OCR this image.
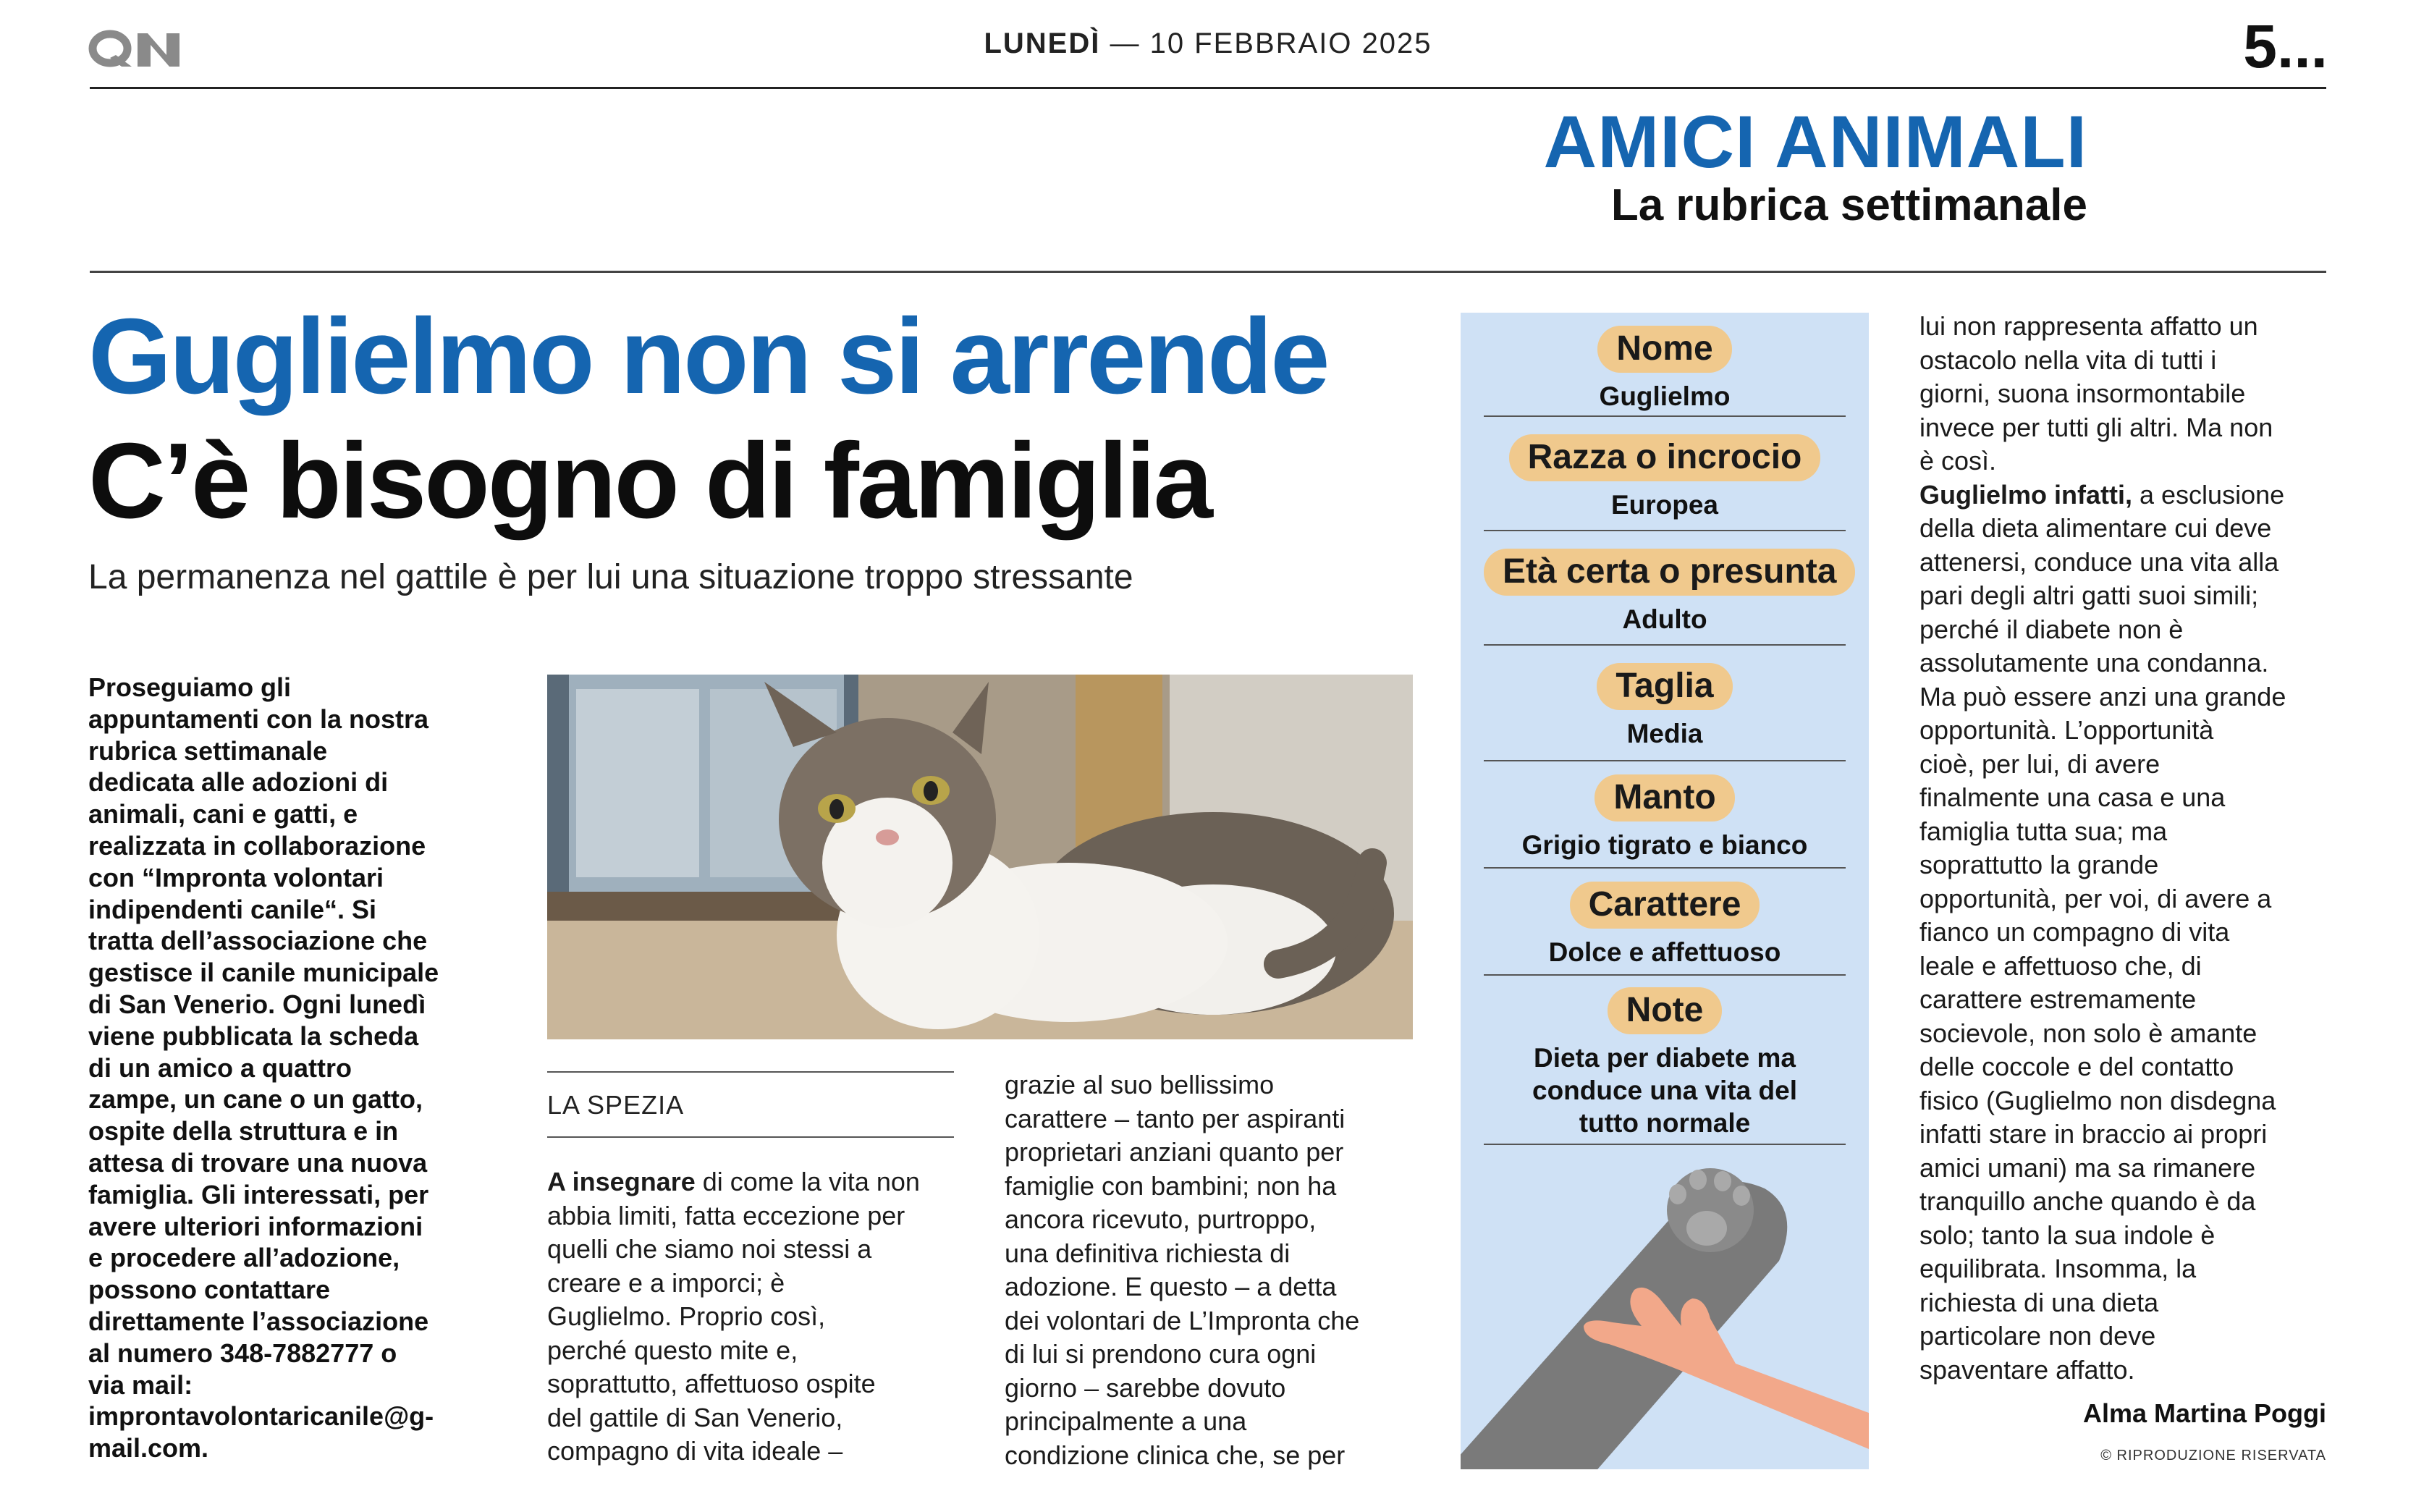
LUNEDÌ — 10 FEBBRAIO 2025	5...
AMICI ANIMALI
La rubrica settimanale
Guglielmo non si arrende
C’è bisogno di famiglia

La permanenza nel gattile è per lui una situazione troppo stressante

Proseguiamo gli
appuntamenti con la nostra
rubrica settimanale
dedicata alle adozioni di
animali, cani e gatti, e
realizzata in collaborazione
con “Impronta volontari
indipendenti canile“. Si
tratta dell’associazione che
gestisce il canile municipale
di San Venerio. Ogni lunedì
viene pubblicata la scheda
di un amico a quattro
zampe, un cane o un gatto,
ospite della struttura e in
attesa di trovare una nuova
famiglia. Gli interessati, per
avere ulteriori informazioni
e procedere all’adozione,
possono contattare
direttamente l’associazione
al numero 348-7882777 o
via mail:
improntavolontaricanile@g-
mail.com.
LA SPEZIA
A insegnare di come la vita non
abbia limiti, fatta eccezione per
quelli che siamo noi stessi a
creare e a imporci; è
Guglielmo. Proprio così,
perché questo mite e,
soprattutto, affettuoso ospite
del gattile di San Venerio,
compagno di vita ideale –
grazie al suo bellissimo
carattere – tanto per aspiranti
proprietari anziani quanto per
famiglie con bambini; non ha
ancora ricevuto, purtroppo,
una definitiva richiesta di
adozione. E questo – a detta
dei volontari de L’Impronta che
di lui si prendono cura ogni
giorno – sarebbe dovuto
principalmente a una
condizione clinica che, se per
lui non rappresenta affatto un
ostacolo nella vita di tutti i
giorni, suona insormontabile
invece per tutti gli altri. Ma non
è così.
Guglielmo infatti, a esclusione
della dieta alimentare cui deve
attenersi, conduce una vita alla
pari degli altri gatti suoi simili;
perché il diabete non è
assolutamente una condanna.
Ma può essere anzi una grande
opportunità. L’opportunità
cioè, per lui, di avere
finalmente una casa e una
famiglia tutta sua; ma
soprattutto la grande
opportunità, per voi, di avere a
fianco un compagno di vita
leale e affettuoso che, di
carattere estremamente
socievole, non solo è amante
delle coccole e del contatto
fisico (Guglielmo non disdegna
infatti stare in braccio ai propri
amici umani) ma sa rimanere
tranquillo anche quando è da
solo; tanto la sua indole è
equilibrata. Insomma, la
richiesta di una dieta
particolare non deve
spaventare affatto.
Alma Martina Poggi
© RIPRODUZIONE RISERVATA
Nome
Guglielmo
Razza o incrocio
Europea
Età certa o presunta
Adulto
Taglia
Media
Manto
Grigio tigrato e bianco
Carattere
Dolce e affettuoso
Note
Dieta per diabete ma
conduce una vita del
tutto normale
